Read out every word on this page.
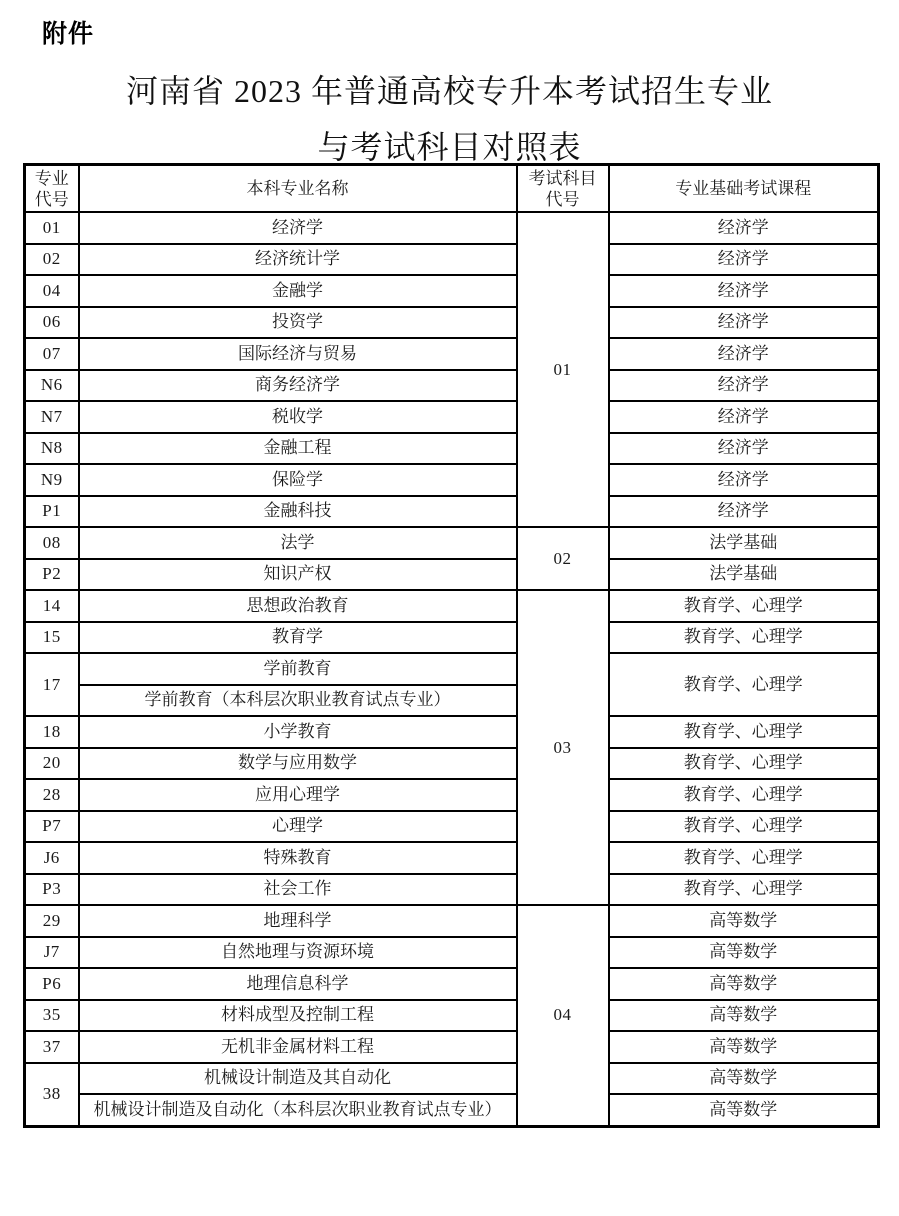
附件
河南省 2023 年普通高校专升本考试招生专业
与考试科目对照表
专业
代号

本科专业名称

考试科目
代号

专业基础考试课程

01	经济学	01	经济学
02	经济统计学		经济学
04	金融学		经济学
06	投资学		经济学
07	国际经济与贸易		经济学
N6	商务经济学		经济学
N7	税收学		经济学
N8	金融工程		经济学
N9	保险学		经济学
P1	金融科技		经济学
08	法学	02	法学基础
P2	知识产权		法学基础
14	思想政治教育	03	教育学、心理学
15	教育学		教育学、心理学
17	学前教育		教育学、心理学
	学前教育（本科层次职业教育试点专业）		
18	小学教育		教育学、心理学
20	数学与应用数学		教育学、心理学
28	应用心理学		教育学、心理学
P7	心理学		教育学、心理学
J6	特殊教育		教育学、心理学
P3	社会工作		教育学、心理学
29	地理科学	04	高等数学
J7	自然地理与资源环境		高等数学
P6	地理信息科学		高等数学
35	材料成型及控制工程		高等数学
37	无机非金属材料工程		高等数学
38	机械设计制造及其自动化		高等数学
	机械设计制造及自动化（本科层次职业教育试点专业）		高等数学
